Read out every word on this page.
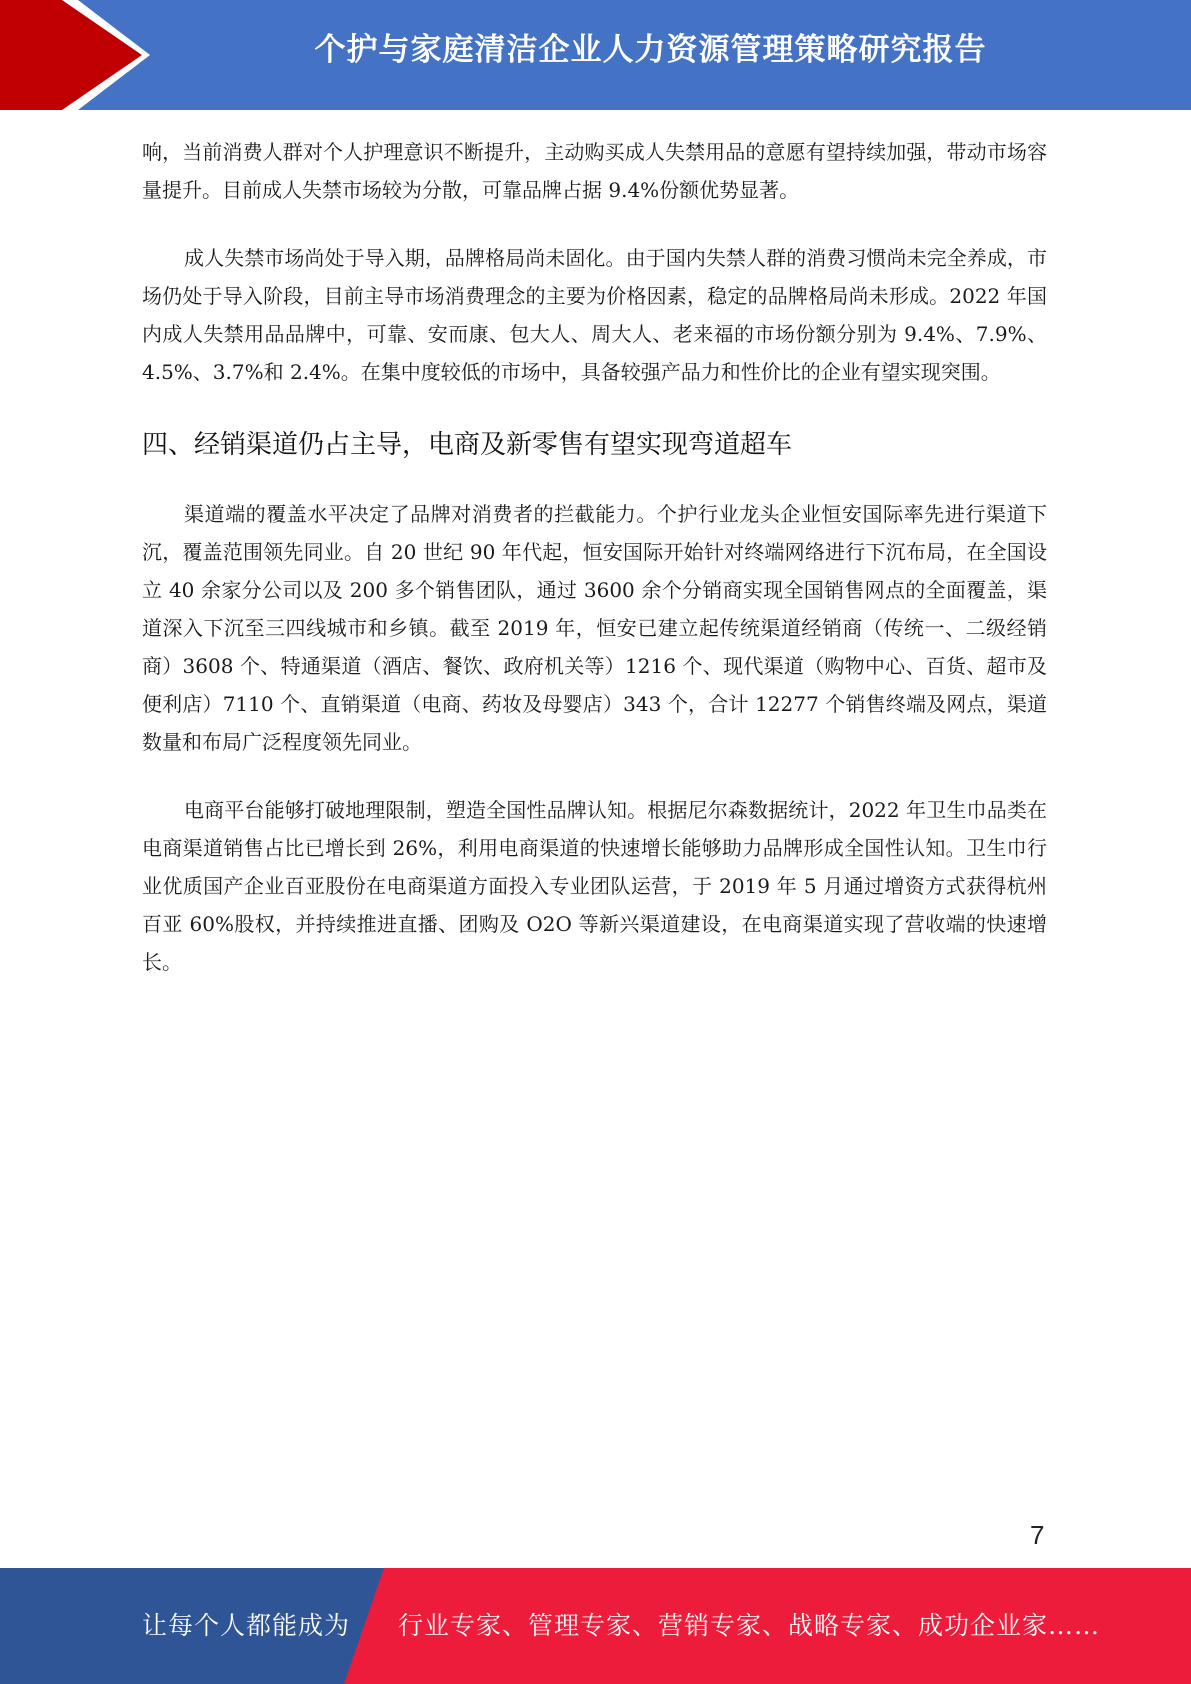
个护与家庭清洁企业人力资源管理策略研究报告

响，当前消费人群对个人护理意识不断提升，主动购买成人失禁用品的意愿有望持续加强，带动市场容量提升。目前成人失禁市场较为分散，可靠品牌占据 9.4%份额优势显著。

成人失禁市场尚处于导入期，品牌格局尚未固化。由于国内失禁人群的消费习惯尚未完全养成，市场仍处于导入阶段，目前主导市场消费理念的主要为价格因素，稳定的品牌格局尚未形成。2022 年国内成人失禁用品品牌中，可靠、安而康、包大人、周大人、老来福的市场份额分别为 9.4%、7.9%、4.5%、3.7%和 2.4%。在集中度较低的市场中，具备较强产品力和性价比的企业有望实现突围。

四、经销渠道仍占主导，电商及新零售有望实现弯道超车

渠道端的覆盖水平决定了品牌对消费者的拦截能力。个护行业龙头企业恒安国际率先进行渠道下沉，覆盖范围领先同业。自 20 世纪 90 年代起，恒安国际开始针对终端网络进行下沉布局，在全国设立 40 余家分公司以及 200 多个销售团队，通过 3600 余个分销商实现全国销售网点的全面覆盖，渠道深入下沉至三四线城市和乡镇。截至 2019 年，恒安已建立起传统渠道经销商（传统一、二级经销商）3608 个、特通渠道（酒店、餐饮、政府机关等）1216 个、现代渠道（购物中心、百货、超市及便利店）7110 个、直销渠道（电商、药妆及母婴店）343 个，合计 12277 个销售终端及网点，渠道数量和布局广泛程度领先同业。

电商平台能够打破地理限制，塑造全国性品牌认知。根据尼尔森数据统计，2022 年卫生巾品类在电商渠道销售占比已增长到 26%，利用电商渠道的快速增长能够助力品牌形成全国性认知。卫生巾行业优质国产企业百亚股份在电商渠道方面投入专业团队运营，于 2019 年 5 月通过增资方式获得杭州百亚 60%股权，并持续推进直播、团购及 O2O 等新兴渠道建设，在电商渠道实现了营收端的快速增长。

7
让每个人都能成为 行业专家、管理专家、营销专家、战略专家、成功企业家……
